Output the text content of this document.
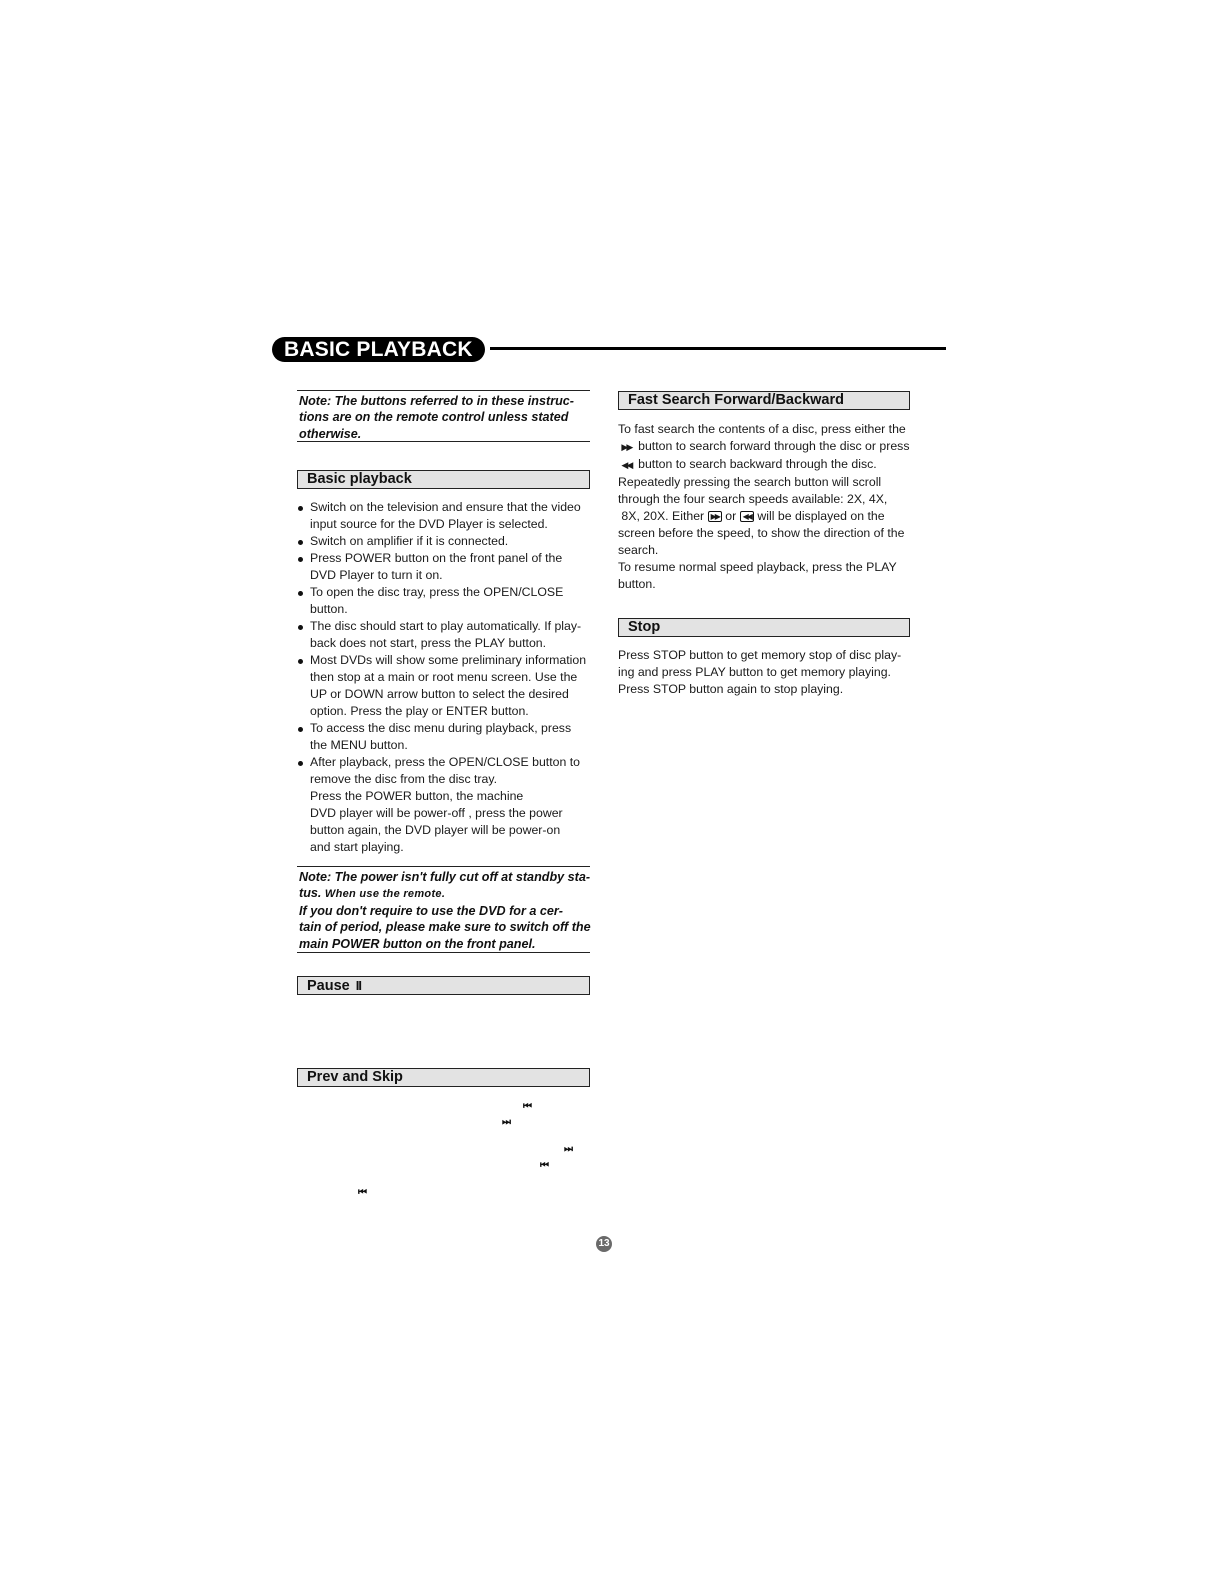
BASIC PLAYBACK
Note: The buttons referred to in these instruc-
tions are on the remote control unless stated
otherwise.
Basic playback
Switch on the television and ensure that the video
input source for the DVD Player is selected.
Switch on amplifier if it is connected.
Press POWER button on the front panel of the
DVD Player to turn it on.
To open the disc tray, press the OPEN/CLOSE
button.
The disc should start to play automatically. If play-
back does not start, press the PLAY button.
Most DVDs will show some preliminary information
then stop at a main or root menu screen. Use the
UP or DOWN arrow button to select the desired
option. Press the play or ENTER button.
To access the disc menu during playback, press
the MENU button.
After playback, press the OPEN/CLOSE button to
remove the disc from the disc tray.
Press the POWER button, the machine
DVD player will be power-off , press the power
button again, the DVD player will be power-on
and start playing.
Note: The power isn't fully cut off at standby sta-
tus. When use the remote.
If you don't require to use the DVD for a cer-
tain of period, please make sure to switch off the
main POWER button on the front panel.
Pause II
Prev and Skip
⏮
⏭
⏭
⏮
⏮
Fast Search Forward/Backward
To fast search the contents of a disc, press either the
▶▶ button to search forward through the disc or press
◀◀ button to search backward through the disc.
Repeatedly pressing the search button will scroll
through the four search speeds available: 2X, 4X,
8X, 20X. Either ▶▶ or ◀◀ will be displayed on the
screen before the speed, to show the direction of the
search.
To resume normal speed playback, press the PLAY
button.
Stop
Press STOP button to get memory stop of disc play-
ing and press PLAY button to get memory playing.
Press STOP button again to stop playing.
13
